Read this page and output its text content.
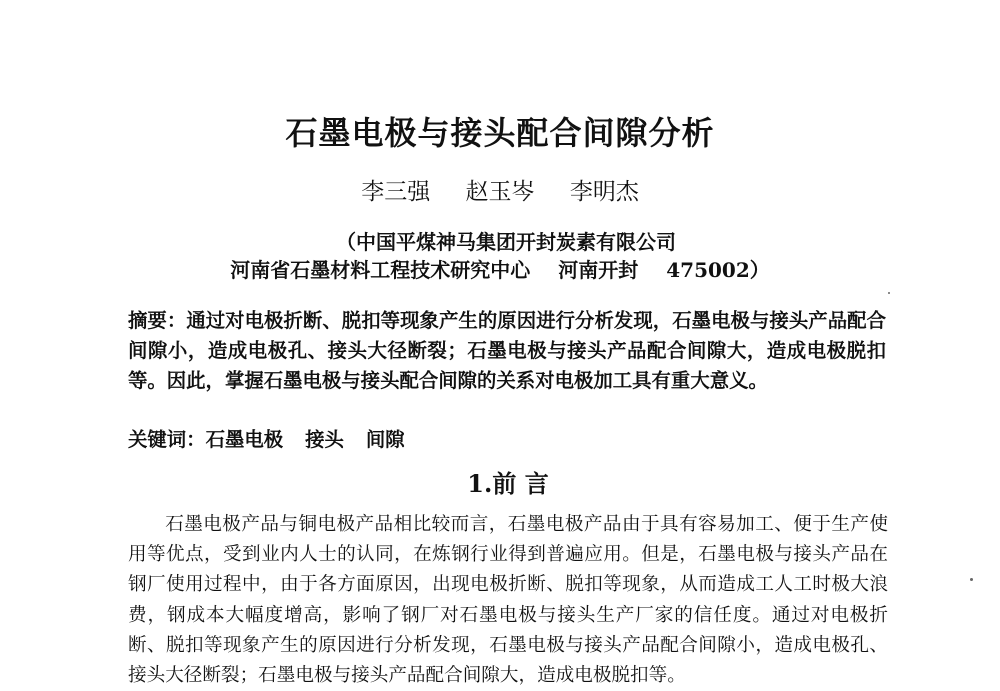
石墨电极与接头配合间隙分析
李三强 赵玉岑 李明杰
（中国平煤神马集团开封炭素有限公司
河南省石墨材料工程技术研究中心 河南开封 475002）
摘要：通过对电极折断、脱扣等现象产生的原因进行分析发现，石墨电极与接头产品配合间隙小，造成电极孔、接头大径断裂；石墨电极与接头产品配合间隙大，造成电极脱扣等。因此，掌握石墨电极与接头配合间隙的关系对电极加工具有重大意义。
关键词：石墨电极 接头 间隙
1.前 言
石墨电极产品与铜电极产品相比较而言，石墨电极产品由于具有容易加工、便于生产使用等优点，受到业内人士的认同，在炼钢行业得到普遍应用。但是，石墨电极与接头产品在钢厂使用过程中，由于各方面原因，出现电极折断、脱扣等现象，从而造成工人工时极大浪费，钢成本大幅度增高，影响了钢厂对石墨电极与接头生产厂家的信任度。通过对电极折断、脱扣等现象产生的原因进行分析发现，石墨电极与接头产品配合间隙小，造成电极孔、接头大径断裂；石墨电极与接头产品配合间隙大，造成电极脱扣等。
